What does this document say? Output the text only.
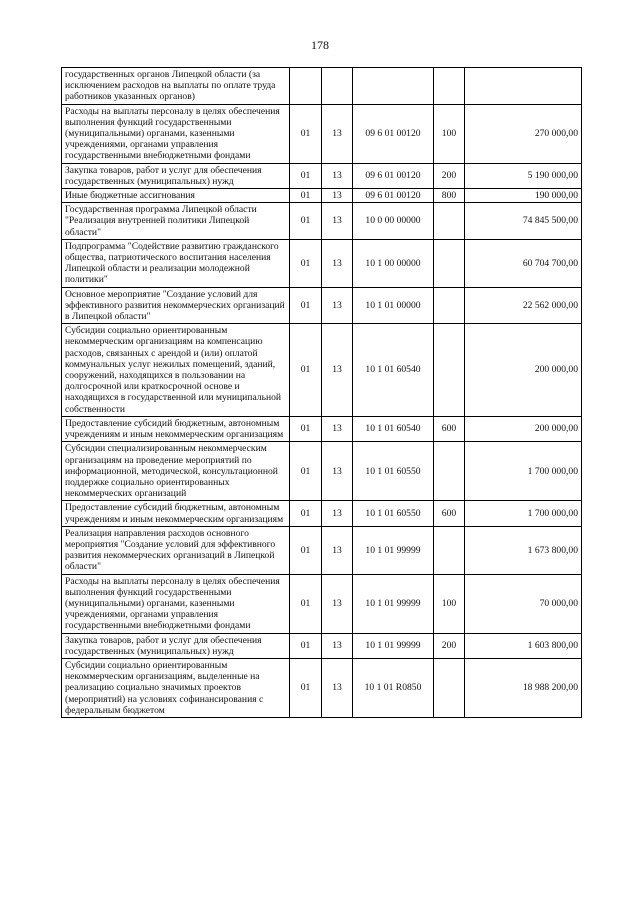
178
государственных органов Липецкой области (за исключением расходов на выплаты по оплате труда работников указанных органов)					
Расходы на выплаты персоналу в целях обеспечения выполнения функций государственными (муниципальными) органами, казенными учреждениями, органами управления государственными внебюджетными фондами	01	13	09 6 01 00120	100	270 000,00
Закупка товаров, работ и услуг для обеспечения государственных (муниципальных) нужд	01	13	09 6 01 00120	200	5 190 000,00
Иные бюджетные ассигнования	01	13	09 6 01 00120	800	190 000,00
Государственная программа Липецкой области "Реализация внутренней политики Липецкой области"	01	13	10 0 00 00000		74 845 500,00
Подпрограмма "Содействие развитию гражданского общества, патриотического воспитания населения Липецкой области и реализации молодежной политики"	01	13	10 1 00 00000		60 704 700,00
Основное мероприятие "Создание условий для эффективного развития некоммерческих организаций в Липецкой области"	01	13	10 1 01 00000		22 562 000,00
Субсидии социально ориентированным некоммерческим организациям на компенсацию расходов, связанных с арендой и (или) оплатой коммунальных услуг нежилых помещений, зданий, сооружений, находящихся в пользовании на долгосрочной или краткосрочной основе и находящихся в государственной или муниципальной собственности	01	13	10 1 01 60540		200 000,00
Предоставление субсидий бюджетным, автономным учреждениям и иным некоммерческим организациям	01	13	10 1 01 60540	600	200 000,00
Субсидии специализированным некоммерческим организациям на проведение мероприятий по информационной, методической, консультационной поддержке социально ориентированных некоммерческих организаций	01	13	10 1 01 60550		1 700 000,00
Предоставление субсидий бюджетным, автономным учреждениям и иным некоммерческим организациям	01	13	10 1 01 60550	600	1 700 000,00
Реализация направления расходов основного мероприятия "Создание условий для эффективного развития некоммерческих организаций в Липецкой области"	01	13	10 1 01 99999		1 673 800,00
Расходы на выплаты персоналу в целях обеспечения выполнения функций государственными (муниципальными) органами, казенными учреждениями, органами управления государственными внебюджетными фондами	01	13	10 1 01 99999	100	70 000,00
Закупка товаров, работ и услуг для обеспечения государственных (муниципальных) нужд	01	13	10 1 01 99999	200	1 603 800,00
Субсидии социально ориентированным некоммерческим организациям, выделенные на реализацию социально значимых проектов (мероприятий) на условиях софинансирования с федеральным бюджетом	01	13	10 1 01 R0850		18 988 200,00
